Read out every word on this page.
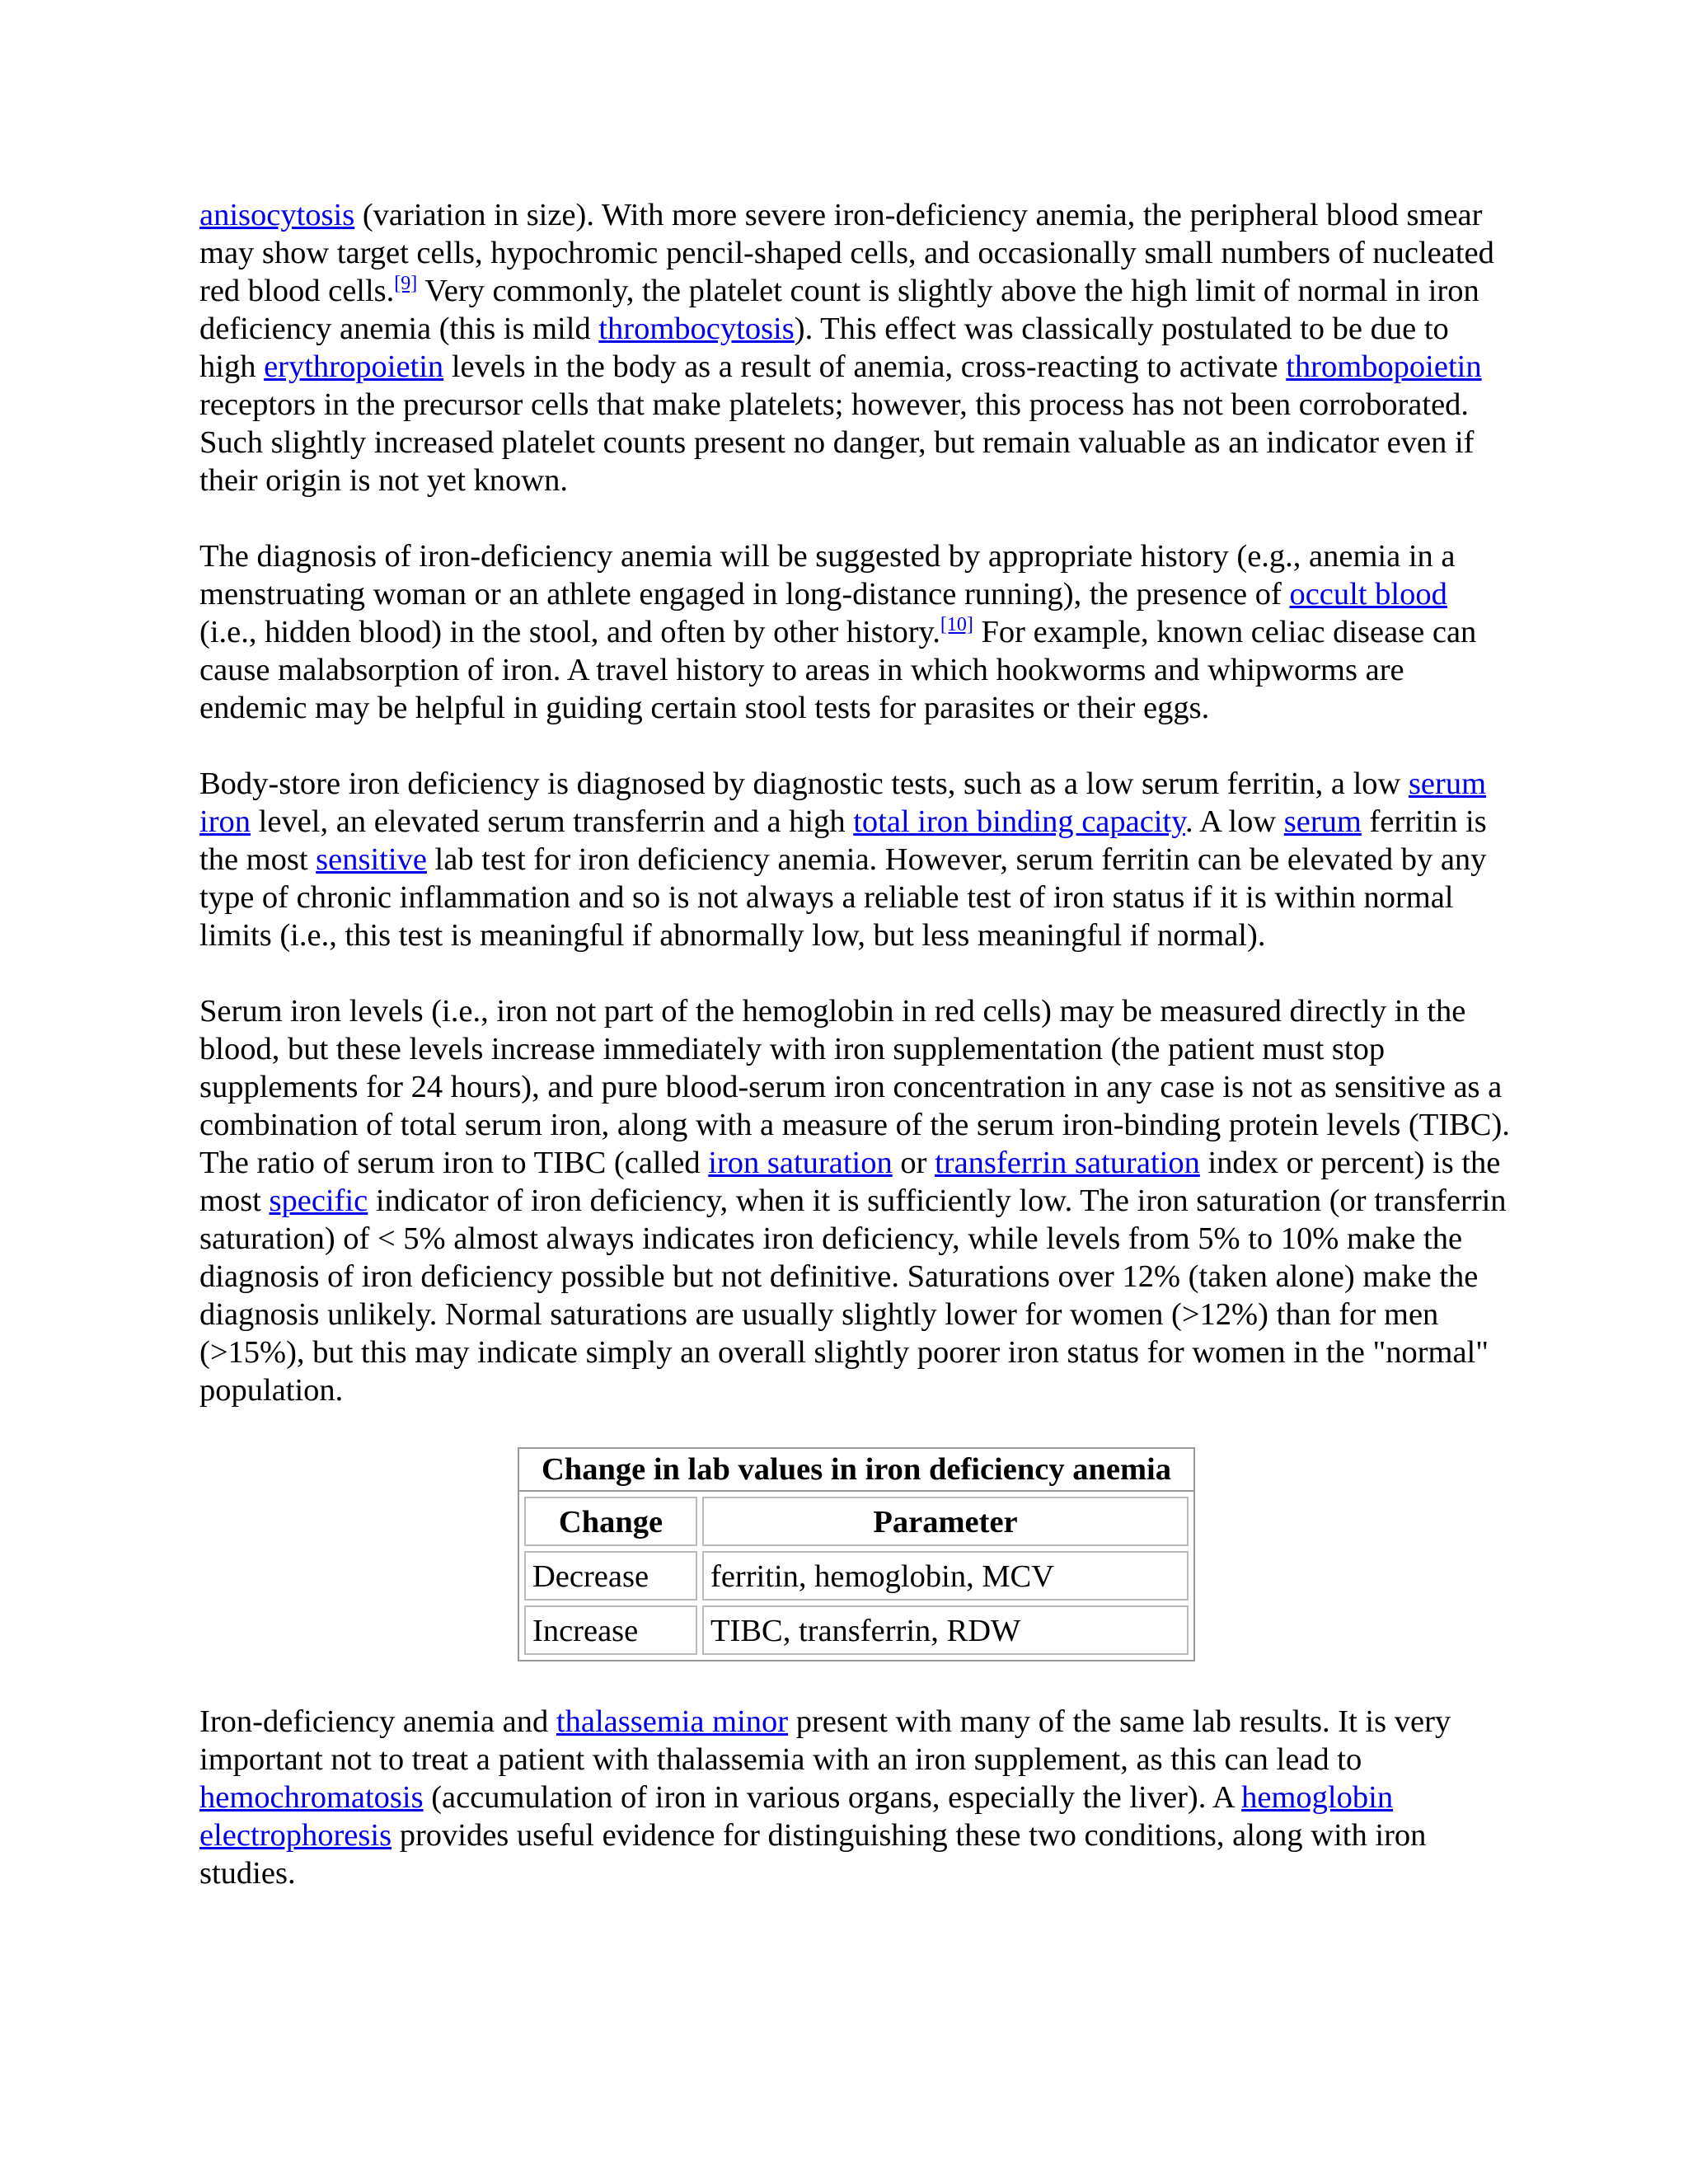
anisocytosis (variation in size). With more severe iron-deficiency anemia, the peripheral blood smear may show target cells, hypochromic pencil-shaped cells, and occasionally small numbers of nucleated red blood cells.[9] Very commonly, the platelet count is slightly above the high limit of normal in iron deficiency anemia (this is mild thrombocytosis). This effect was classically postulated to be due to high erythropoietin levels in the body as a result of anemia, cross-reacting to activate thrombopoietin receptors in the precursor cells that make platelets; however, this process has not been corroborated. Such slightly increased platelet counts present no danger, but remain valuable as an indicator even if their origin is not yet known.

The diagnosis of iron-deficiency anemia will be suggested by appropriate history (e.g., anemia in a menstruating woman or an athlete engaged in long-distance running), the presence of occult blood (i.e., hidden blood) in the stool, and often by other history.[10] For example, known celiac disease can cause malabsorption of iron. A travel history to areas in which hookworms and whipworms are endemic may be helpful in guiding certain stool tests for parasites or their eggs.

Body-store iron deficiency is diagnosed by diagnostic tests, such as a low serum ferritin, a low serum iron level, an elevated serum transferrin and a high total iron binding capacity. A low serum ferritin is the most sensitive lab test for iron deficiency anemia. However, serum ferritin can be elevated by any type of chronic inflammation and so is not always a reliable test of iron status if it is within normal limits (i.e., this test is meaningful if abnormally low, but less meaningful if normal).

Serum iron levels (i.e., iron not part of the hemoglobin in red cells) may be measured directly in the blood, but these levels increase immediately with iron supplementation (the patient must stop supplements for 24 hours), and pure blood-serum iron concentration in any case is not as sensitive as a combination of total serum iron, along with a measure of the serum iron-binding protein levels (TIBC). The ratio of serum iron to TIBC (called iron saturation or transferrin saturation index or percent) is the most specific indicator of iron deficiency, when it is sufficiently low. The iron saturation (or transferrin saturation) of < 5% almost always indicates iron deficiency, while levels from 5% to 10% make the diagnosis of iron deficiency possible but not definitive. Saturations over 12% (taken alone) make the diagnosis unlikely. Normal saturations are usually slightly lower for women (>12%) than for men (>15%), but this may indicate simply an overall slightly poorer iron status for women in the "normal" population.

Change in lab values in iron deficiency anemia
Change	Parameter
Decrease	ferritin, hemoglobin, MCV
Increase	TIBC, transferrin, RDW

Iron-deficiency anemia and thalassemia minor present with many of the same lab results. It is very important not to treat a patient with thalassemia with an iron supplement, as this can lead to hemochromatosis (accumulation of iron in various organs, especially the liver). A hemoglobin electrophoresis provides useful evidence for distinguishing these two conditions, along with iron studies.
